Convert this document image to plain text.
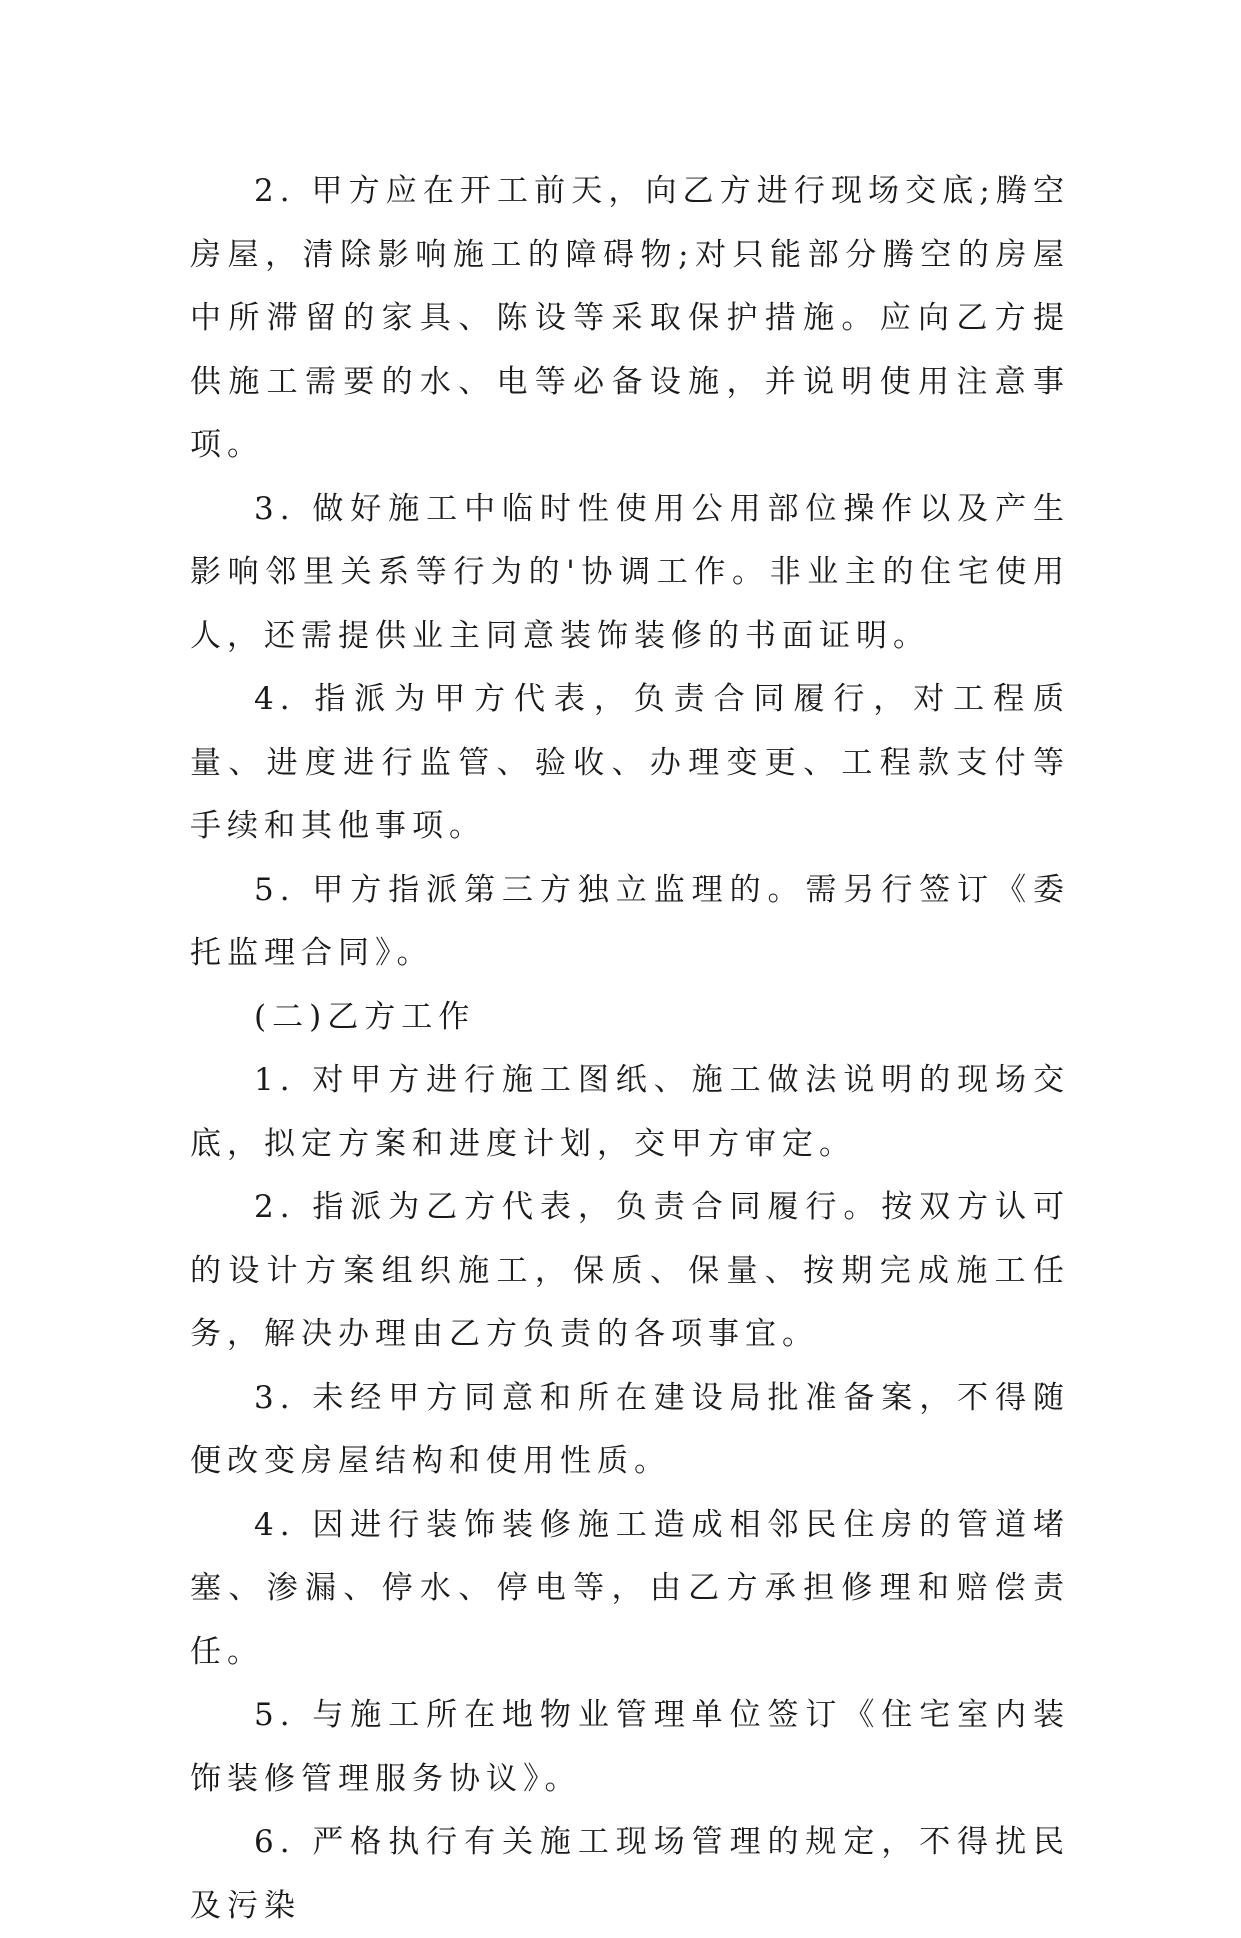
2. 甲方应在开工前天，向乙方进行现场交底;腾空房屋，清除影响施工的障碍物;对只能部分腾空的房屋中所滞留的家具、陈设等采取保护措施。应向乙方提供施工需要的水、电等必备设施，并说明使用注意事项。

3. 做好施工中临时性使用公用部位操作以及产生影响邻里关系等行为的'协调工作。非业主的住宅使用人，还需提供业主同意装饰装修的书面证明。

4. 指派为甲方代表，负责合同履行，对工程质量、进度进行监管、验收、办理变更、工程款支付等手续和其他事项。

5. 甲方指派第三方独立监理的。需另行签订《委托监理合同》。

(二)乙方工作

1. 对甲方进行施工图纸、施工做法说明的现场交底，拟定方案和进度计划，交甲方审定。

2. 指派为乙方代表，负责合同履行。按双方认可的设计方案组织施工，保质、保量、按期完成施工任务，解决办理由乙方负责的各项事宜。

3. 未经甲方同意和所在建设局批准备案，不得随便改变房屋结构和使用性质。

4. 因进行装饰装修施工造成相邻民住房的管道堵塞、渗漏、停水、停电等，由乙方承担修理和赔偿责任。

5. 与施工所在地物业管理单位签订《住宅室内装饰装修管理服务协议》。

6. 严格执行有关施工现场管理的规定，不得扰民及污染
